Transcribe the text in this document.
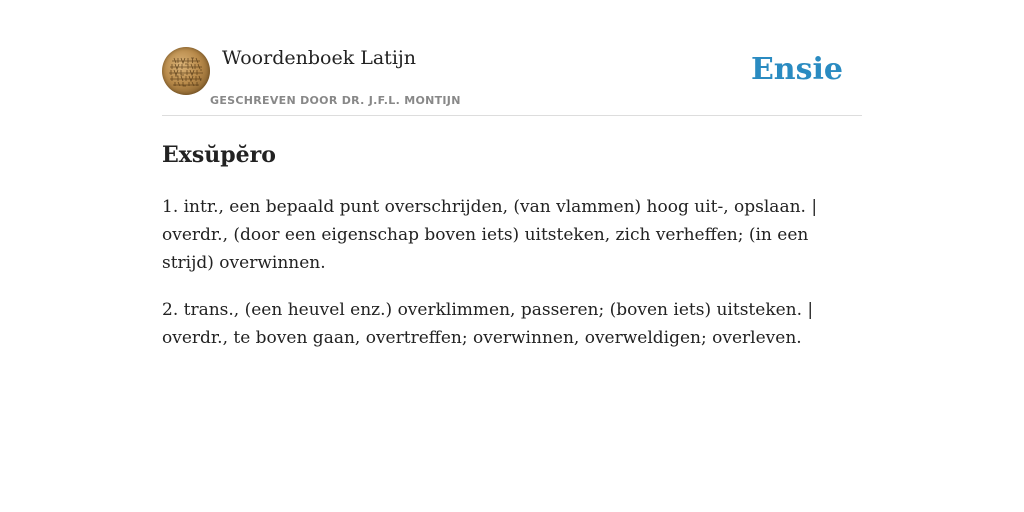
INTER IATIANAPICINMEIPA Woordenboek Latijn
GESCHREVEN DOOR DR. J.F.L. MONTIJN
Ensie
Exsŭpĕro

1. intr., een bepaald punt overschrijden, (van vlammen) hoog uit-, opslaan. | overdr., (door een eigenschap boven iets) uitsteken, zich verheffen; (in een strijd) overwinnen.

2. trans., (een heuvel enz.) overklimmen, passeren; (boven iets) uitsteken. | overdr., te boven gaan, overtreffen; overwinnen, overweldigen; overleven.
